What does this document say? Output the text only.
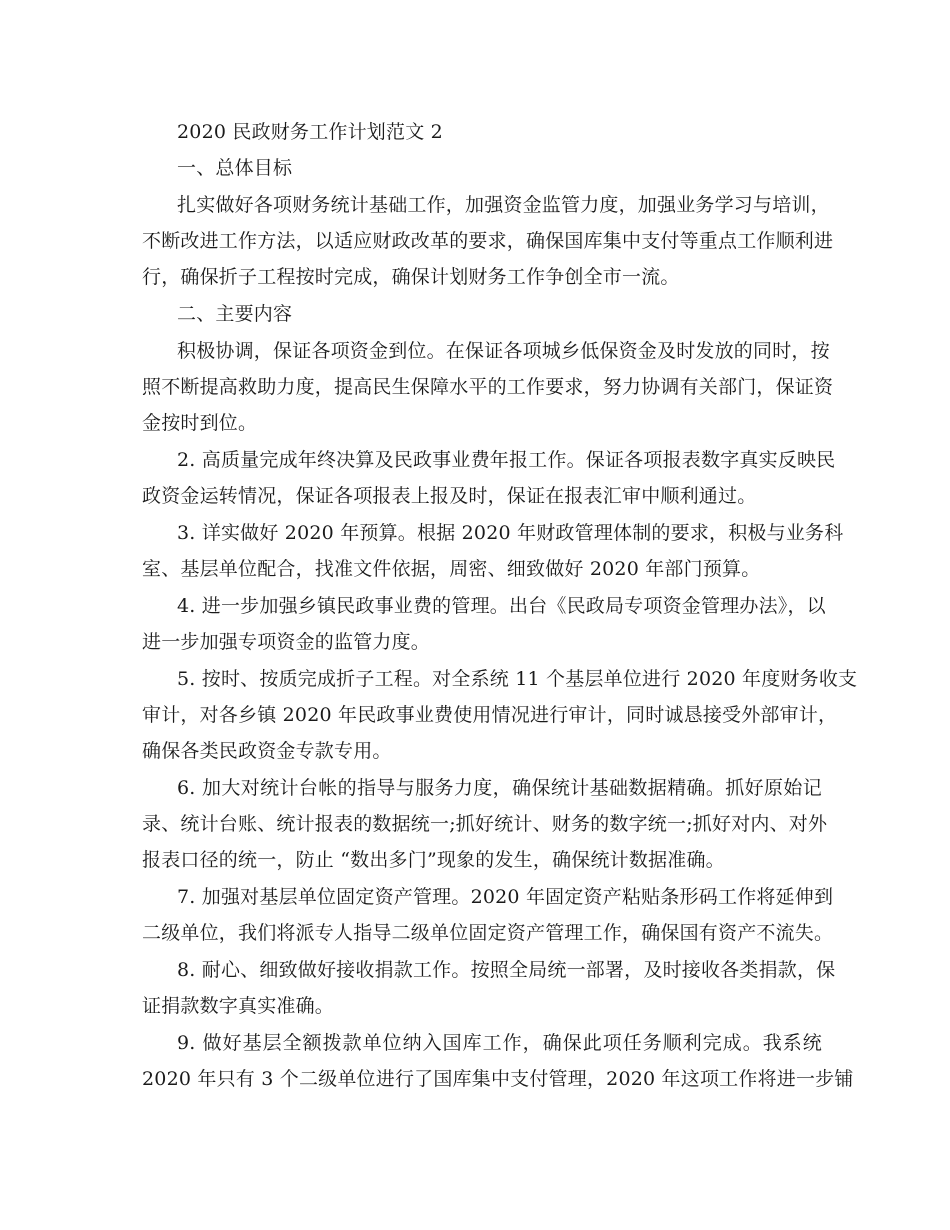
2020 民政财务工作计划范文 2
一、总体目标
扎实做好各项财务统计基础工作，加强资金监管力度，加强业务学习与培训，
不断改进工作方法，以适应财政改革的要求，确保国库集中支付等重点工作顺利进
行，确保折子工程按时完成，确保计划财务工作争创全市一流。
二、主要内容
积极协调，保证各项资金到位。在保证各项城乡低保资金及时发放的同时，按
照不断提高救助力度，提高民生保障水平的工作要求，努力协调有关部门，保证资
金按时到位。
2. 高质量完成年终决算及民政事业费年报工作。保证各项报表数字真实反映民
政资金运转情况，保证各项报表上报及时，保证在报表汇审中顺利通过。
3. 详实做好 2020 年预算。根据 2020 年财政管理体制的要求，积极与业务科
室、基层单位配合，找准文件依据，周密、细致做好 2020 年部门预算。
4. 进一步加强乡镇民政事业费的管理。出台《民政局专项资金管理办法》，以
进一步加强专项资金的监管力度。
5. 按时、按质完成折子工程。对全系统 11 个基层单位进行 2020 年度财务收支
审计，对各乡镇 2020 年民政事业费使用情况进行审计，同时诚恳接受外部审计，
确保各类民政资金专款专用。
6. 加大对统计台帐的指导与服务力度，确保统计基础数据精确。抓好原始记
录、统计台账、统计报表的数据统一;抓好统计、财务的数字统一;抓好对内、对外
报表口径的统一，防止 “数出多门”现象的发生，确保统计数据准确。
7. 加强对基层单位固定资产管理。2020 年固定资产粘贴条形码工作将延伸到
二级单位，我们将派专人指导二级单位固定资产管理工作，确保国有资产不流失。
8. 耐心、细致做好接收捐款工作。按照全局统一部署，及时接收各类捐款，保
证捐款数字真实准确。
9. 做好基层全额拨款单位纳入国库工作，确保此项任务顺利完成。我系统
2020 年只有 3 个二级单位进行了国库集中支付管理，2020 年这项工作将进一步铺
